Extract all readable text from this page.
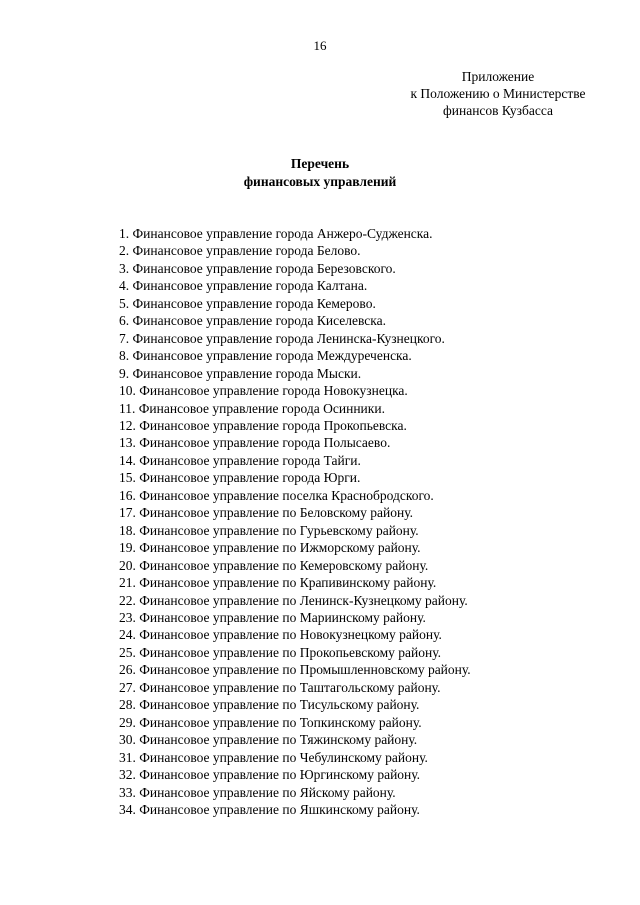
16
Приложение
к Положению о Министерстве
финансов Кузбасса
Перечень
финансовых управлений
1. Финансовое управление города Анжеро-Судженска.
2. Финансовое управление города Белово.
3. Финансовое управление города Березовского.
4. Финансовое управление города Калтана.
5. Финансовое управление города Кемерово.
6. Финансовое управление города Киселевска.
7. Финансовое управление города Ленинска-Кузнецкого.
8. Финансовое управление города Междуреченска.
9. Финансовое управление города Мыски.
10. Финансовое управление города Новокузнецка.
11. Финансовое управление города Осинники.
12. Финансовое управление города Прокопьевска.
13. Финансовое управление города Полысаево.
14. Финансовое управление города Тайги.
15. Финансовое управление города Юрги.
16. Финансовое управление поселка Краснобродского.
17. Финансовое управление по Беловскому району.
18. Финансовое управление по Гурьевскому району.
19. Финансовое управление по Ижморскому району.
20. Финансовое управление по Кемеровскому району.
21. Финансовое управление по Крапивинскому району.
22. Финансовое управление по Ленинск-Кузнецкому району.
23. Финансовое управление по Мариинскому району.
24. Финансовое управление по Новокузнецкому району.
25. Финансовое управление по Прокопьевскому району.
26. Финансовое управление по Промышленновскому району.
27. Финансовое управление по Таштагольскому району.
28. Финансовое управление по Тисульскому району.
29. Финансовое управление по Топкинскому району.
30. Финансовое управление по Тяжинскому району.
31. Финансовое управление по Чебулинскому району.
32. Финансовое управление по Юргинскому району.
33. Финансовое управление по Яйскому району.
34. Финансовое управление по Яшкинскому району.
